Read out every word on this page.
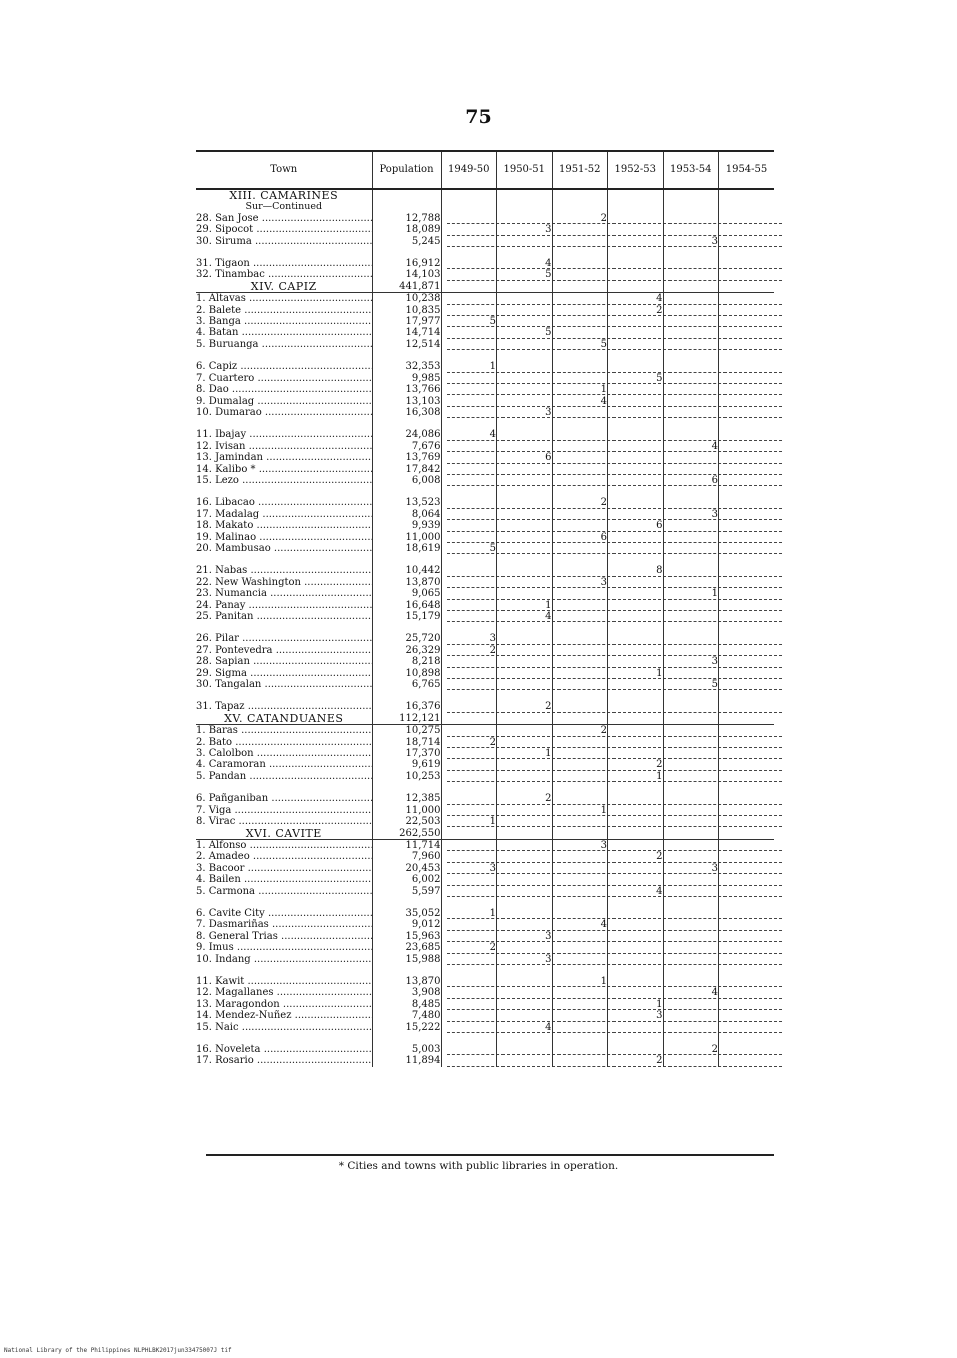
75
Town	Population	1949-50	1950-51	1951-52	1952-53	1953-54	1954-55
XIII. CAMARINES
Sur—Continued							

28. San Jose .....	12,788			2			

29. Sipocot .....	18,089		3				

30. Siruma .....	5,245					3	

31. Tigaon .....	16,912		4				

32. Tinambac .....	14,103		5				

XIV. CAPIZ	441,871						
1. Altavas .....	10,238				4		

2. Balete .....	10,835				2		

3. Banga .....	17,977	5					

4. Batan .....	14,714		5				

5. Buruanga .....	12,514			5			

6. Capiz .....	32,353	1					

7. Cuartero .....	9,985				5		

8. Dao .....	13,766			1			

9. Dumalag .....	13,103			4			

10. Dumarao .....	16,308		3				

11. Ibajay .....	24,086	4					

12. Ivisan .....	7,676					4	

13. Jamindan .....	13,769		6				

14. Kalibo * .....	17,842	

15. Lezo .....	6,008					6	

16. Libacao .....	13,523			2			

17. Madalag .....	8,064					3	

18. Makato .....	9,939				6		

19. Malinao .....	11,000			6			

20. Mambusao .....	18,619	5					

21. Nabas .....	10,442				8		

22. New Washington .....	13,870			3			

23. Numancia .....	9,065					1	

24. Panay .....	16,648		1				

25. Panitan .....	15,179		4				

26. Pilar .....	25,720	3					

27. Pontevedra .....	26,329	2					

28. Sapian .....	8,218					3	

29. Sigma .....	10,898				1		

30. Tangalan .....	6,765					5	

31. Tapaz .....	16,376		2				

XV. CATANDUANES	112,121						
1. Baras .....	10,275			2			

2. Bato .....	18,714	2					

3. Calolbon .....	17,370		1				

4. Caramoran .....	9,619				2		

5. Pandan .....	10,253				1		

6. Pañganiban .....	12,385		2				

7. Viga .....	11,000			1			

8. Virac .....	22,503	1					

XVI. CAVITE	262,550						
1. Alfonso .....	11,714			3			

2. Amadeo .....	7,960				2		

3. Bacoor .....	20,453	3				3	

4. Bailen .....	6,002	

5. Carmona .....	5,597				4		

6. Cavite City .....	35,052	1					

7. Dasmariñas .....	9,012			4			

8. General Trias .....	15,963		3				

9. Imus .....	23,685	2					

10. Indang .....	15,988		3				

11. Kawit .....	13,870			1			

12. Magallanes .....	3,908					4	

13. Maragondon .....	8,485				1		

14. Mendez-Nuñez .....	7,480				3		

15. Naic .....	15,222		4				

16. Noveleta .....	5,003					2	

17. Rosario .....	11,894				2		

* Cities and towns with public libraries in operation.
National Library of the Philippines NLPHLBK2017jun33475007J tif
